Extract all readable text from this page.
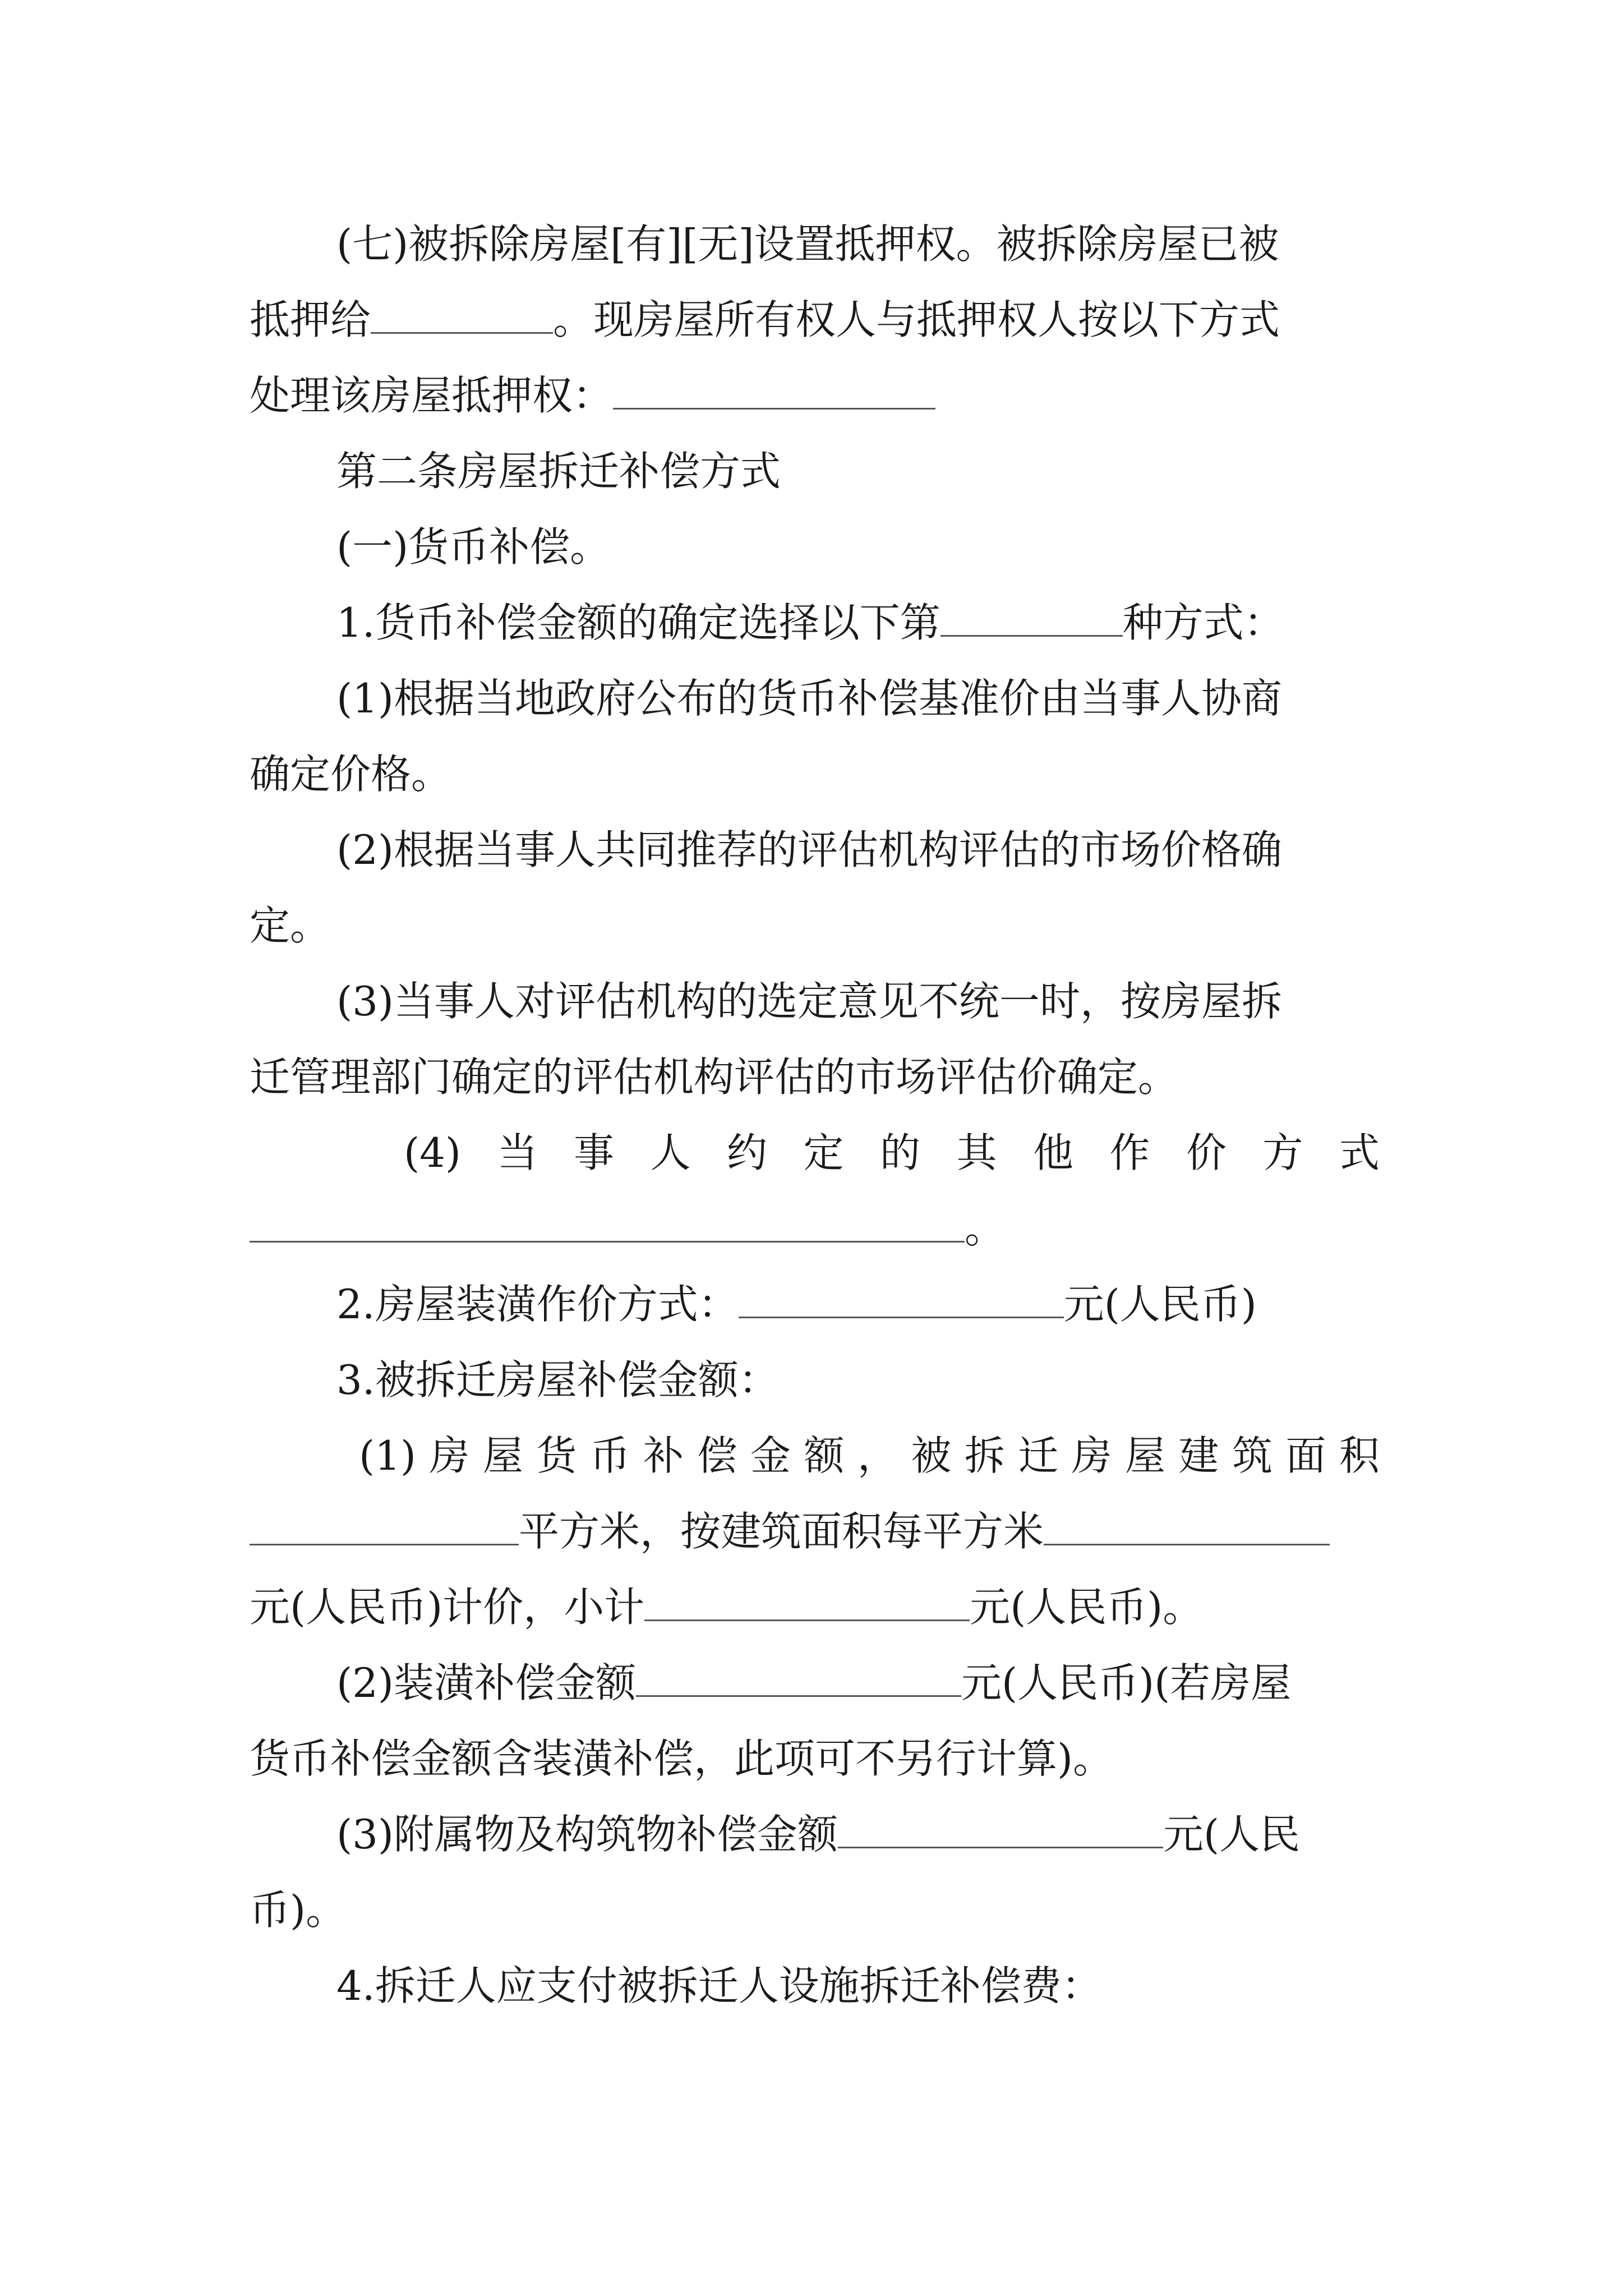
(七)被拆除房屋[有][无]设置抵押权。被拆除房屋已被
抵押给	。现房屋所有权人与抵押权人按以下方式
处理该房屋抵押权：
第二条房屋拆迁补偿方式
(一)货币补偿。
1.货币补偿金额的确定选择以下第	种方式：
(1)根据当地政府公布的货币补偿基准价由当事人协商
确定价格。
(2)根据当事人共同推荐的评估机构评估的市场价格确
定。
(3)当事人对评估机构的选定意见不统一时，按房屋拆
迁管理部门确定的评估机构评估的市场评估价确定。
(4) 当 事 人 约 定 的 其 他 作 价 方 式
。
2.房屋装潢作价方式：	元(人民币)
3.被拆迁房屋补偿金额：
(1) 房 屋 货 币 补 偿 金 额 ， 被 拆 迁 房 屋 建 筑 面 积
平方米，按建筑面积每平方米
元(人民币)计价，小计	元(人民币)。
(2)装潢补偿金额	元(人民币)(若房屋
货币补偿金额含装潢补偿，此项可不另行计算)。
(3)附属物及构筑物补偿金额	元(人民
币)。
4.拆迁人应支付被拆迁人设施拆迁补偿费：
